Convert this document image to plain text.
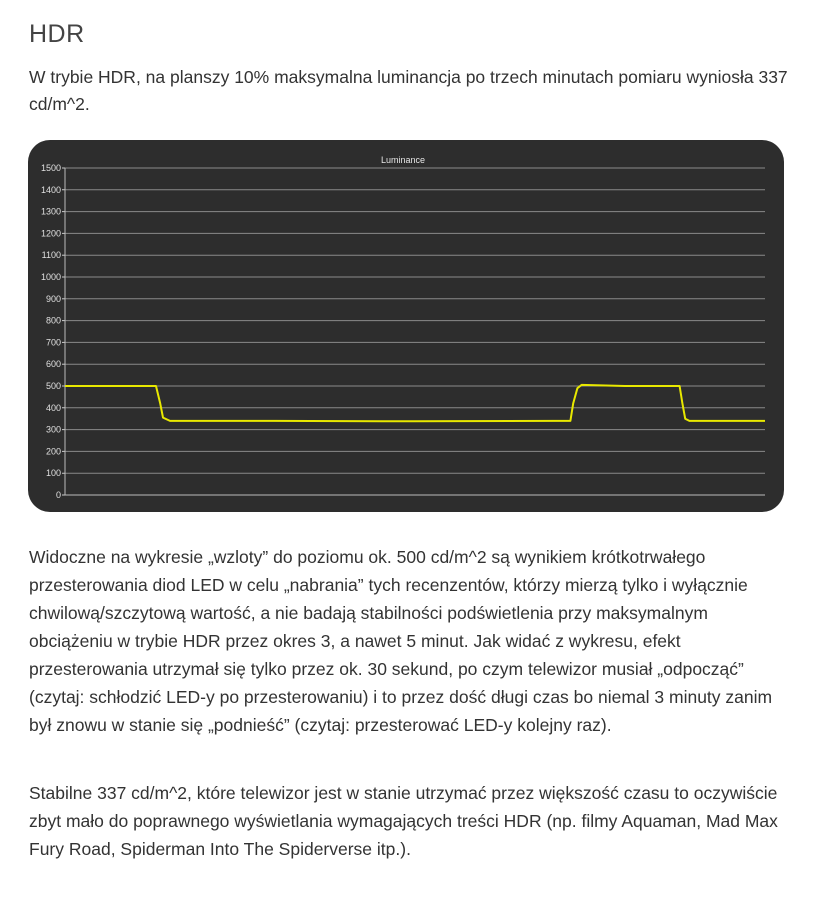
HDR

W trybie HDR, na planszy 10% maksymalna luminancja po trzech minutach pomiaru wyniosła 337 cd/m^2.

Luminance
0
100
200
300
400
500
600
700
800
900
1000
1100
1200
1300
1400
1500

Widoczne na wykresie „wzloty” do poziomu ok. 500 cd/m^2 są wynikiem krótkotrwałego przesterowania diod LED w celu „nabrania” tych recenzentów, którzy mierzą tylko i wyłącznie chwilową/szczytową wartość, a nie badają stabilności podświetlenia przy maksymalnym obciążeniu w trybie HDR przez okres 3, a nawet 5 minut. Jak widać z wykresu, efekt przesterowania utrzymał się tylko przez ok. 30 sekund, po czym telewizor musiał „odpocząć” (czytaj: schłodzić LED-y po przesterowaniu) i to przez dość długi czas bo niemal 3 minuty zanim był znowu w stanie się „podnieść” (czytaj: przesterować LED-y kolejny raz).

Stabilne 337 cd/m^2, które telewizor jest w stanie utrzymać przez większość czasu to oczywiście zbyt mało do poprawnego wyświetlania wymagających treści HDR (np. filmy Aquaman, Mad Max Fury Road, Spiderman Into The Spiderverse itp.).
